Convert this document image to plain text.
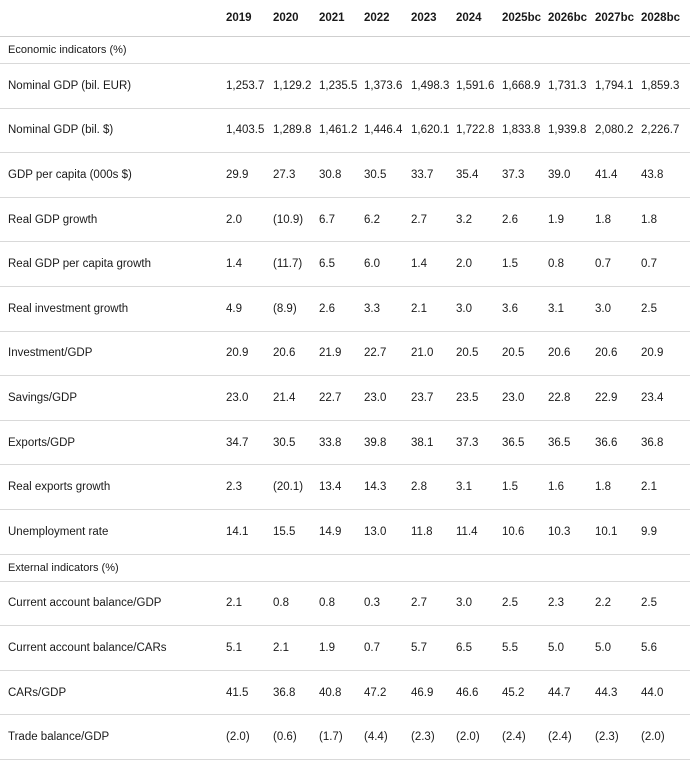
2019	2020	2021	2022	2023	2024	2025bc 2026bc 2027bc 2028bc
Economic indicators (%)
Nominal GDP (bil. EUR)	1,253.7 1,129.2 1,235.5 1,373.6 1,498.3 1,591.6 1,668.9 1,731.3 1,794.1 1,859.3
Nominal GDP (bil. $)	1,403.5 1,289.8 1,461.2 1,446.4 1,620.1 1,722.8 1,833.8 1,939.8 2,080.2 2,226.7
GDP per capita (000s $)	29.9	27.3	30.8	30.5	33.7	35.4	37.3	39.0	41.4	43.8
Real GDP growth	2.0	(10.9)	6.7	6.2	2.7	3.2	2.6	1.9	1.8	1.8
Real GDP per capita growth	1.4	(11.7)	6.5	6.0	1.4	2.0	1.5	0.8	0.7	0.7
Real investment growth	4.9	(8.9)	2.6	3.3	2.1	3.0	3.6	3.1	3.0	2.5
Investment/GDP	20.9	20.6	21.9	22.7	21.0	20.5	20.5	20.6	20.6	20.9
Savings/GDP	23.0	21.4	22.7	23.0	23.7	23.5	23.0	22.8	22.9	23.4
Exports/GDP	34.7	30.5	33.8	39.8	38.1	37.3	36.5	36.5	36.6	36.8
Real exports growth	2.3	(20.1)	13.4	14.3	2.8	3.1	1.5	1.6	1.8	2.1
Unemployment rate	14.1	15.5	14.9	13.0	11.8	11.4	10.6	10.3	10.1	9.9
External indicators (%)
Current account balance/GDP	2.1	0.8	0.8	0.3	2.7	3.0	2.5	2.3	2.2	2.5
Current account balance/CARs	5.1	2.1	1.9	0.7	5.7	6.5	5.5	5.0	5.0	5.6
CARs/GDP	41.5	36.8	40.8	47.2	46.9	46.6	45.2	44.7	44.3	44.0
Trade balance/GDP	(2.0)	(0.6)	(1.7)	(4.4)	(2.3)	(2.0)	(2.4)	(2.4)	(2.3)	(2.0)
